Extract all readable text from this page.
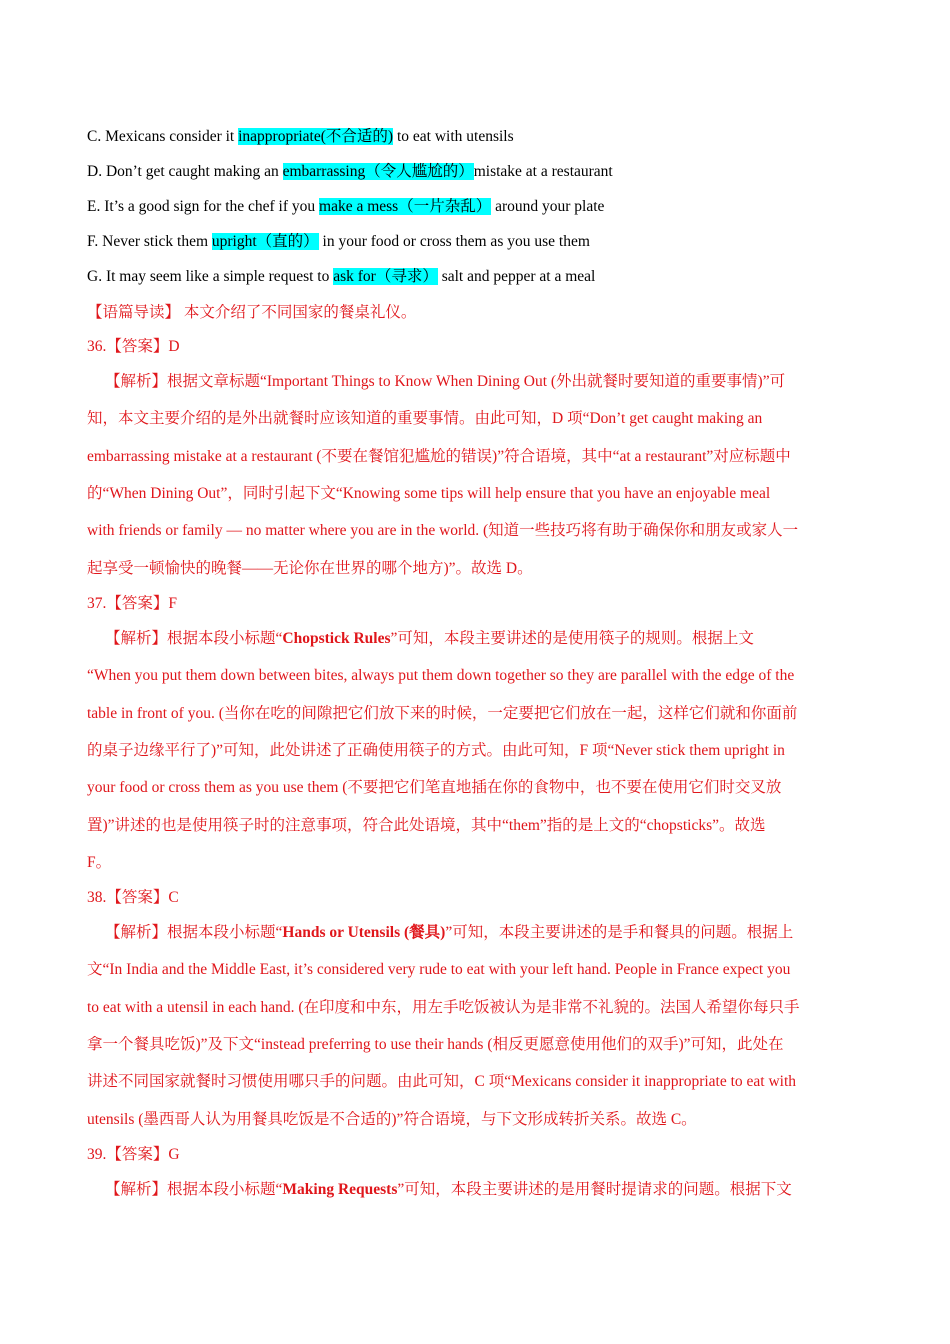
C. Mexicans consider it inappropriate(不合适的) to eat with utensils
D. Don’t get caught making an embarrassing（令人尴尬的）mistake at a restaurant
E. It’s a good sign for the chef if you make a mess（一片杂乱） around your plate
F. Never stick them upright（直的） in your food or cross them as you use them
G. It may seem like a simple request to ask for（寻求） salt and pepper at a meal
【语篇导读】 本文介绍了不同国家的餐桌礼仪。
36.【答案】D
【解析】根据文章标题“Important Things to Know When Dining Out (外出就餐时要知道的重要事情)”可
知，本文主要介绍的是外出就餐时应该知道的重要事情。由此可知，D 项“Don’t get caught making an
embarrassing mistake at a restaurant (不要在餐馆犯尴尬的错误)”符合语境，其中“at a restaurant”对应标题中
的“When Dining Out”，同时引起下文“Knowing some tips will help ensure that you have an enjoyable meal
with friends or family — no matter where you are in the world. (知道一些技巧将有助于确保你和朋友或家人一
起享受一顿愉快的晚餐——无论你在世界的哪个地方)”。故选 D。
37.【答案】F
【解析】根据本段小标题“Chopstick Rules”可知，本段主要讲述的是使用筷子的规则。根据上文
“When you put them down between bites, always put them down together so they are parallel with the edge of the
table in front of you. (当你在吃的间隙把它们放下来的时候，一定要把它们放在一起，这样它们就和你面前
的桌子边缘平行了)”可知，此处讲述了正确使用筷子的方式。由此可知，F 项“Never stick them upright in
your food or cross them as you use them (不要把它们笔直地插在你的食物中，也不要在使用它们时交叉放
置)”讲述的也是使用筷子时的注意事项，符合此处语境，其中“them”指的是上文的“chopsticks”。故选
F。
38.【答案】C
【解析】根据本段小标题“Hands or Utensils (餐具)”可知，本段主要讲述的是手和餐具的问题。根据上
文“In India and the Middle East, it’s considered very rude to eat with your left hand. People in France expect you
to eat with a utensil in each hand. (在印度和中东，用左手吃饭被认为是非常不礼貌的。法国人希望你每只手
拿一个餐具吃饭)”及下文“instead preferring to use their hands (相反更愿意使用他们的双手)”可知，此处在
讲述不同国家就餐时习惯使用哪只手的问题。由此可知，C 项“Mexicans consider it inappropriate to eat with
utensils (墨西哥人认为用餐具吃饭是不合适的)”符合语境，与下文形成转折关系。故选 C。
39.【答案】G
【解析】根据本段小标题“Making Requests”可知，本段主要讲述的是用餐时提请求的问题。根据下文
